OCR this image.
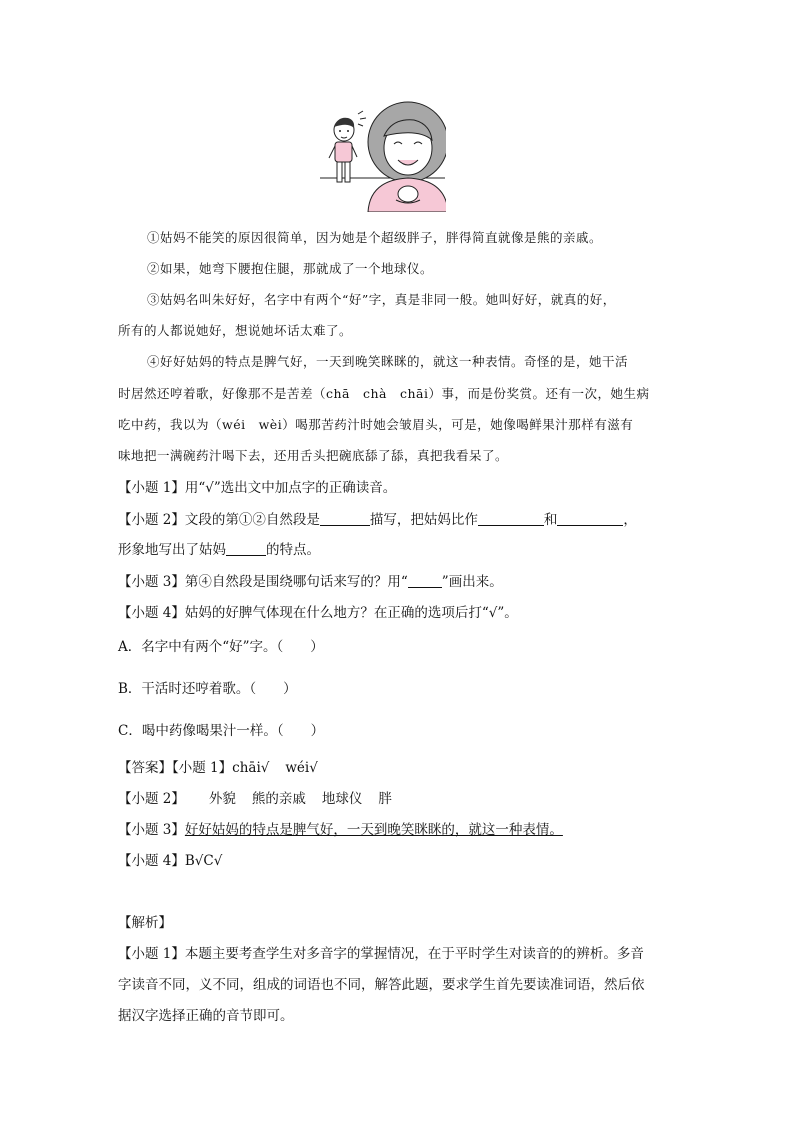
①姑妈不能笑的原因很简单，因为她是个超级胖子，胖得简直就像是熊的亲戚。
②如果，她弯下腰抱住腿，那就成了一个地球仪。
③姑妈名叫朱好好，名字中有两个“好”字，真是非同一般。她叫好好，就真的好，
所有的人都说她好，想说她坏话太难了。
④好好姑妈的特点是脾气好，一天到晚笑眯眯的，就这一种表情。奇怪的是，她干活
时居然还哼着歌，好像那不是苦差（chā　chà　chāi）事，而是份奖赏。还有一次，她生病
吃中药，我以为（wéi　wèi）喝那苦药汁时她会皱眉头，可是，她像喝鲜果汁那样有滋有
味地把一满碗药汁喝下去，还用舌头把碗底舔了舔，真把我看呆了。
【小题 1】用“√”选出文中加点字的正确读音。
【小题 2】文段的第①②自然段是	描写，把姑妈比作	和	，
形象地写出了姑妈	的特点。
【小题 3】第④自然段是围绕哪句话来写的？用“	”画出来。
【小题 4】姑妈的好脾气体现在什么地方？在正确的选项后打“√”。
A．名字中有两个“好”字。（　　）
B．干活时还哼着歌。（　　）
C．喝中药像喝果汁一样。（　　）
【答案】【小题 1】chāi√ wéi√
【小题 2】 外貌 熊的亲戚 地球仪 胖
【小题 3】好好姑妈的特点是脾气好，一天到晚笑眯眯的，就这一种表情。
【小题 4】B√C√
【解析】
【小题 1】本题主要考查学生对多音字的掌握情况，在于平时学生对读音的的辨析。多音
字读音不同，义不同，组成的词语也不同，解答此题，要求学生首先要读准词语，然后依
据汉字选择正确的音节即可。
